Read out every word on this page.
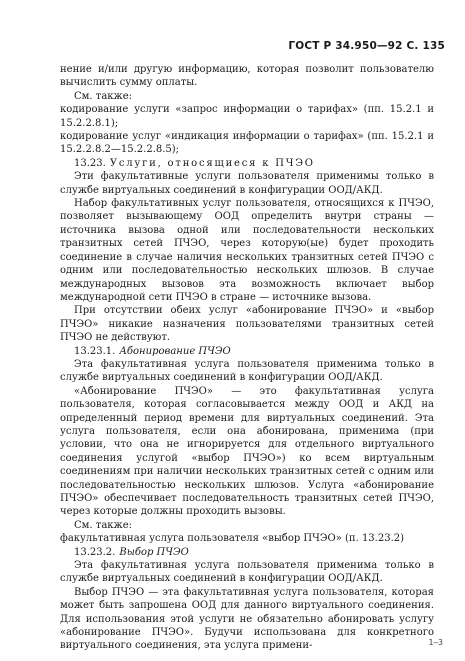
ГОСТ Р 34.950—92 С. 135

нение и/или другую информацию, которая позволит пользователю вычислить сумму оплаты.

См. также:

кодирование услуги «запрос информации о тарифах» (пп. 15.2.1 и 15.2.2.8.1);

кодирование услуг «индикация информации о тарифах» (пп. 15.2.1 и 15.2.2.8.2—15.2.2.8.5);

13.23. Услуги, относящиеся к ПЧЭО

Эти факультативные услуги пользователя применимы только в службе виртуальных соединений в конфигурации ООД/АКД.

Набор факультативных услуг пользователя, относящихся к ПЧЭО, позволяет вызывающему ООД определить внутри страны — источника вызова одной или последовательности нескольких транзитных сетей ПЧЭО, через которую(ые) будет проходить соединение в случае наличия нескольких транзитных сетей ПЧЭО с одним или последовательностью нескольких шлюзов. В случае международных вызовов эта возможность включает выбор международной сети ПЧЭО в стране — источнике вызова.

При отсутствии обеих услуг «абонирование ПЧЭО» и «выбор ПЧЭО» никакие назначения пользователями транзитных сетей ПЧЭО не действуют.

13.23.1. Абонирование ПЧЭО

Эта факультативная услуга пользователя применима только в службе виртуальных соединений в конфигурации ООД/АКД.

«Абонирование ПЧЭО» — это факультативная услуга пользователя, которая согласовывается между ООД и АКД на определенный период времени для виртуальных соединений. Эта услуга пользователя, если она абонирована, применима (при условии, что она не игнорируется для отдельного виртуального соединения услугой «выбор ПЧЭО») ко всем виртуальным соединениям при наличии нескольких транзитных сетей с одним или последовательностью нескольких шлюзов. Услуга «абонирование ПЧЭО» обеспечивает последовательность транзитных сетей ПЧЭО, через которые должны проходить вызовы.

См. также:

факультативная услуга пользователя «выбор ПЧЭО» (п. 13.23.2)

13.23.2. Выбор ПЧЭО

Эта факультативная услуга пользователя применима только в службе виртуальных соединений в конфигурации ООД/АКД.

Выбор ПЧЭО — эта факультативная услуга пользователя, которая может быть запрошена ООД для данного виртуального соединения. Для использования этой услуги не обязательно абонировать услугу «абонирование ПЧЭО». Будучи использована для конкретного виртуального соединения, эта услуга примени-	1—3
